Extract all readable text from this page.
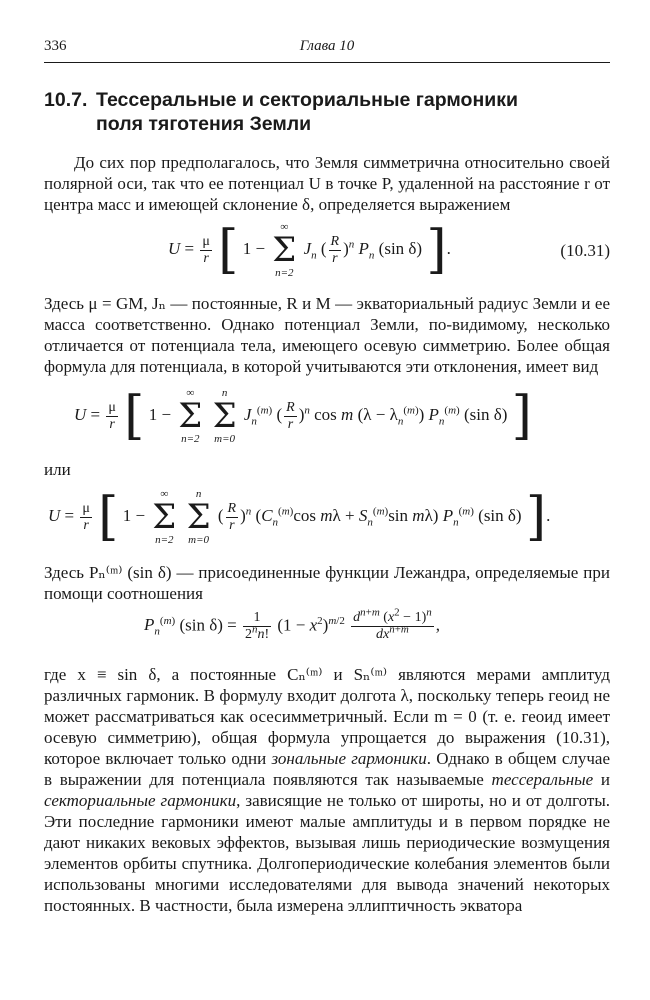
336	Глава 10
10.7. Тессеральные и секториальные гармоники
поля тяготения Земли

До сих пор предполагалось, что Земля симметрична относительно своей полярной оси, так что ее потенциал U в точке P, удаленной на расстояние r от центра масс и имеющей склонение δ, определяется выражением

$U = \frac{\mu}{r}$ [ 1 −
∞
Σ
n=2
$J_n$ ( $\frac{R}{r} )^n$ $P_n$ (sin δ) ].	(10.31)

Здесь μ = GM, Jₙ — постоянные, R и M — экваториальный радиус Земли и ее масса соответственно. Однако потенциал Земли, по-видимому, несколько отличается от потенциала тела, имеющего осевую симметрию. Более общая формула для потенциала, в которой учитываются эти отклонения, имеет вид

$U = \frac{\mu}{r}$ [ 1 −
∞
Σ
n=2

n
Σ
m=0
$J_n^{(m)}$ ( $\frac{R}{r} )^n$ cos m $(\lambda - \lambda_n^{(m)})$ $P_n^{(m)}$ (sin δ) ]

или

$U = \frac{\mu}{r}$ [ 1 −
∞
Σ
n=2

n
Σ
m=0
( $\frac{R}{r} )^n$ ($C_n^{(m)}\cos$ $m\lambda + S_n^{(m)}\sin$ mλ) $P_n^{(m)}$ (sin δ) ].

Здесь Pₙ⁽ᵐ⁾ (sin δ) — присоединенные функции Лежандра, определяемые при помощи соотношения

$P_n^{(m)}$ (sin $\delta) = \frac{1}{2^nn!} (1 - x^2)^{m/2} \frac{d^{n+m} (x^2 - 1)^n}{dx^{n+m}}$ ,

где x ≡ sin δ, а постоянные Cₙ⁽ᵐ⁾ и Sₙ⁽ᵐ⁾ являются мерами амплитуд различных гармоник. В формулу входит долгота λ, поскольку теперь геоид не может рассматриваться как осесимметричный. Если m = 0 (т. е. геоид имеет осевую симметрию), общая формула упрощается до выражения (10.31), которое включает только одни зональные гармоники. Однако в общем случае в выражении для потенциала появляются так называемые тессеральные и секториальные гармоники, зависящие не только от широты, но и от долготы. Эти последние гармоники имеют малые амплитуды и в первом порядке не дают никаких вековых эффектов, вызывая лишь периодические возмущения элементов орбиты спутника. Долгопериодические колебания элементов были использованы многими исследователями для вывода значений некоторых постоянных. В частности, была измерена эллиптичность экватора
